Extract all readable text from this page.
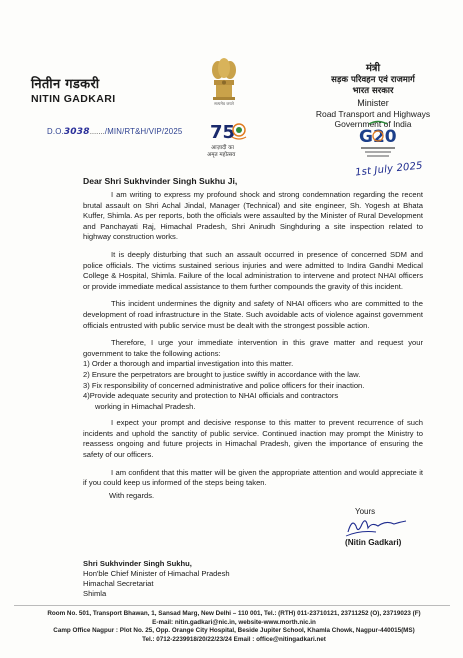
नितीन गडकरी
NITIN GADKARI	सत्यमेव जयते
मंत्री
सड़क परिवहन एवं राजमार्ग
भारत सरकार
Minister
Road Transport and Highways
Government of India
D.O.3038......./MIN/RT&H/VIP/2025 75
आज़ादी का
अमृत महोत्सव
G20
1st July 2025
Dear Shri Sukhvinder Singh Sukhu Ji,

I am writing to express my profound shock and strong condemnation regarding the recent brutal assault on Shri Achal Jindal, Manager (Technical) and site engineer, Sh. Yogesh at Bhata Kuffer, Shimla. As per reports, both the officials were assaulted by the Minister of Rural Development and Panchayati Raj, Himachal Pradesh, Shri Anirudh Singhduring a site inspection related to highway construction works.

It is deeply disturbing that such an assault occurred in presence of concerned SDM and police officials. The victims sustained serious injuries and were admitted to Indira Gandhi Medical College & Hospital, Shimla. Failure of the local administration to intervene and protect NHAI officers or provide immediate medical assistance to them further compounds the gravity of this incident.

This incident undermines the dignity and safety of NHAI officers who are committed to the development of road infrastructure in the State. Such avoidable acts of violence against government officials entrusted with public service must be dealt with the strongest possible action.

Therefore, I urge your immediate intervention in this grave matter and request your government to take the following actions:

1) Order a thorough and impartial investigation into this matter.
2) Ensure the perpetrators are brought to justice swiftly in accordance with the law.
3) Fix responsibility of concerned administrative and police officers for their inaction.
4)Provide adequate security and protection to NHAI officials and contractors
working in Himachal Pradesh.

I expect your prompt and decisive response to this matter to prevent recurrence of such incidents and uphold the sanctity of public service. Continued inaction may prompt the Ministry to reassess ongoing and future projects in Himachal Pradesh, given the importance of ensuring the safety of our officers.

I am confident that this matter will be given the appropriate attention and would appreciate it if you could keep us informed of the steps being taken.

With regards.
Yours
(Nitin Gadkari)
Shri Sukhvinder Singh Sukhu,
Hon'ble Chief Minister of Himachal Pradesh
Himachal Secretariat
Shimla
Room No. 501, Transport Bhawan, 1, Sansad Marg, New Delhi – 110 001, Tel.: (RTH) 011-23710121, 23711252 (O), 23719023 (F)
E-mail: nitin.gadkari@nic.in, website-www.morth.nic.in
Camp Office Nagpur : Plot No. 25, Opp. Orange City Hospital, Beside Jupiter School, Khamla Chowk, Nagpur-440015(MS)
Tel.: 0712-2239918/20/22/23/24 Email : office@nitingadkari.net
